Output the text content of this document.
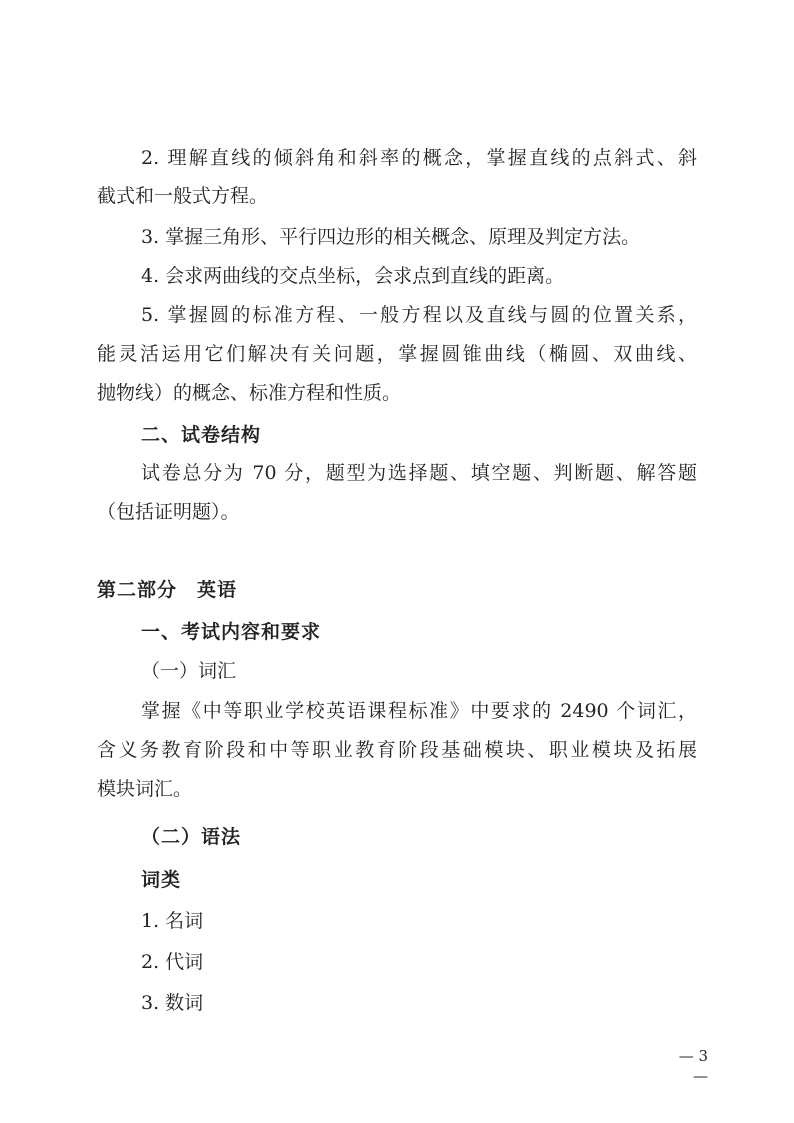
2. 理解直线的倾斜角和斜率的概念，掌握直线的点斜式、斜
截式和一般式方程。
3. 掌握三角形、平行四边形的相关概念、原理及判定方法。
4. 会求两曲线的交点坐标，会求点到直线的距离。
5. 掌握圆的标准方程、一般方程以及直线与圆的位置关系，
能灵活运用它们解决有关问题，掌握圆锥曲线（椭圆、双曲线、
抛物线）的概念、标准方程和性质。
二、试卷结构
试卷总分为 70 分，题型为选择题、填空题、判断题、解答题
（包括证明题）。
第二部分　英语
一、考试内容和要求
（一）词汇
掌握《中等职业学校英语课程标准》中要求的 2490 个词汇，
含义务教育阶段和中等职业教育阶段基础模块、职业模块及拓展
模块词汇。
（二）语法
词类
1. 名词
2. 代词
3. 数词
— 3 —
